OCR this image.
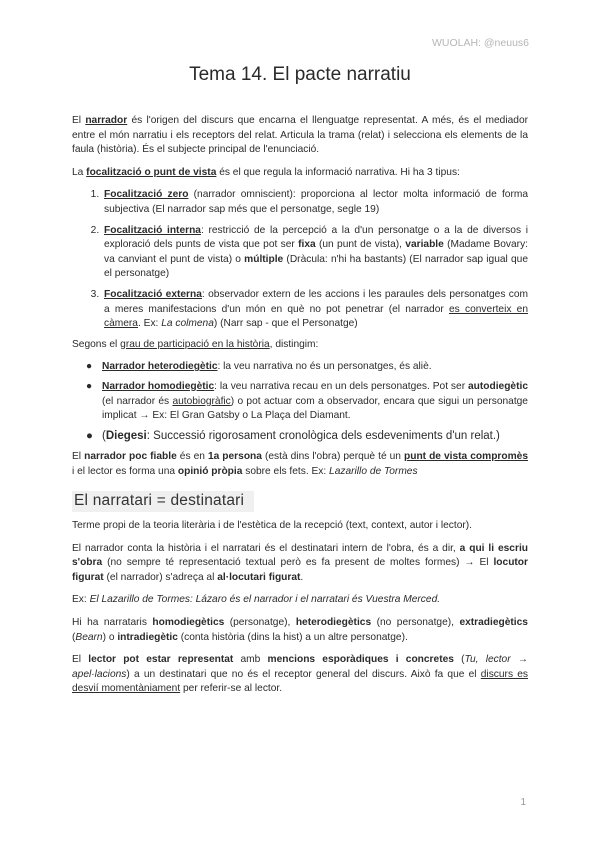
WUOLAH: @neuus6
Tema 14. El pacte narratiu

El narrador és l'origen del discurs que encarna el llenguatge representat. A més, és el mediador entre el món narratiu i els receptors del relat. Articula la trama (relat) i selecciona els elements de la faula (història). És el subjecte principal de l'enunciació.

La focalització o punt de vista és el que regula la informació narrativa. Hi ha 3 tipus:

1. Focalització zero (narrador omniscient): proporciona al lector molta informació de forma subjectiva (El narrador sap més que el personatge, segle 19)
2. Focalització interna: restricció de la percepció a la d'un personatge o a la de diversos i exploració dels punts de vista que pot ser fixa (un punt de vista), variable (Madame Bovary: va canviant el punt de vista) o múltiple (Dràcula: n'hi ha bastants) (El narrador sap igual que el personatge)
3. Focalització externa: observador extern de les accions i les paraules dels personatges com a meres manifestacions d'un món en què no pot penetrar (el narrador es converteix en càmera. Ex: La colmena) (Narr sap - que el Personatge)

Segons el grau de participació en la història, distingim:

● Narrador heterodiegètic: la veu narrativa no és un personatges, és aliè.
● Narrador homodiegètic: la veu narrativa recau en un dels personatges. Pot ser autodiegètic (el narrador és autobiogràfic) o pot actuar com a observador, encara que sigui un personatge implicat → Ex: El Gran Gatsby o La Plaça del Diamant.
● (Diegesi: Successió rigorosament cronològica dels esdeveniments d'un relat.)

El narrador poc fiable és en 1a persona (està dins l'obra) perquè té un punt de vista compromès i el lector es forma una opinió pròpia sobre els fets. Ex: Lazarillo de Tormes

El narratari = destinatari

Terme propi de la teoria literària i de l'estètica de la recepció (text, context, autor i lector).

El narrador conta la història i el narratari és el destinatari intern de l'obra, és a dir, a qui li escriu s'obra (no sempre té representació textual però es fa present de moltes formes) → El locutor figurat (el narrador) s'adreça al al·locutari figurat.

Ex: El Lazarillo de Tormes: Lázaro és el narrador i el narratari és Vuestra Merced.

Hi ha narrataris homodiegètics (personatge), heterodiegètics (no personatge), extradiegètics (Bearn) o intradiegètic (conta història (dins la hist) a un altre personatge).

El lector pot estar representat amb mencions esporàdiques i concretes (Tu, lector → apel·lacions) a un destinatari que no és el receptor general del discurs. Això fa que el discurs es desvií momentàniament per referir-se al lector.

1
